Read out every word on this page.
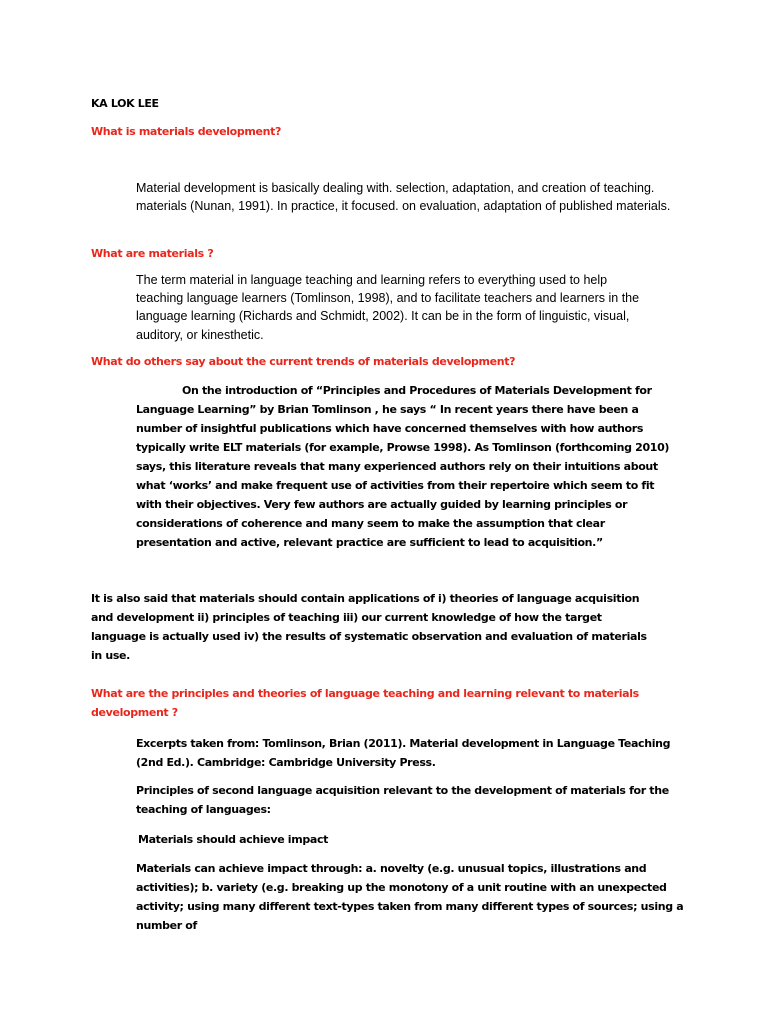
KA LOK LEE
What is materials development?

Material development is basically dealing with. selection, adaptation, and creation of teaching. materials (Nunan, 1991). In practice, it focused. on evaluation, adaptation of published materials.

What are materials ?

The term material in language teaching and learning refers to everything used to help teaching language learners (Tomlinson, 1998), and to facilitate teachers and learners in the language learning (Richards and Schmidt, 2002). It can be in the form of linguistic, visual, auditory, or kinesthetic.

What do others say about the current trends of materials development?

On the introduction of “Principles and Procedures of Materials Development for Language Learning” by Brian Tomlinson , he says “ In recent years there have been a number of insightful publications which have concerned themselves with how authors typically write ELT materials (for example, Prowse 1998). As Tomlinson (forthcoming 2010) says, this literature reveals that many experienced authors rely on their intuitions about what ‘works’ and make frequent use of activities from their repertoire which seem to fit with their objectives. Very few authors are actually guided by learning principles or considerations of coherence and many seem to make the assumption that clear presentation and active, relevant practice are sufficient to lead to acquisition.”

It is also said that materials should contain applications of i) theories of language acquisition and development ii) principles of teaching iii) our current knowledge of how the target language is actually used iv) the results of systematic observation and evaluation of materials in use.

What are the principles and theories of language teaching and learning relevant to materials development ?

Excerpts taken from: Tomlinson, Brian (2011). Material development in Language Teaching (2nd Ed.). Cambridge: Cambridge University Press.

Principles of second language acquisition relevant to the development of materials for the teaching of languages:

Materials should achieve impact

Materials can achieve impact through: a. novelty (e.g. unusual topics, illustrations and activities); b. variety (e.g. breaking up the monotony of a unit routine with an unexpected activity; using many different text-types taken from many different types of sources; using a number of
